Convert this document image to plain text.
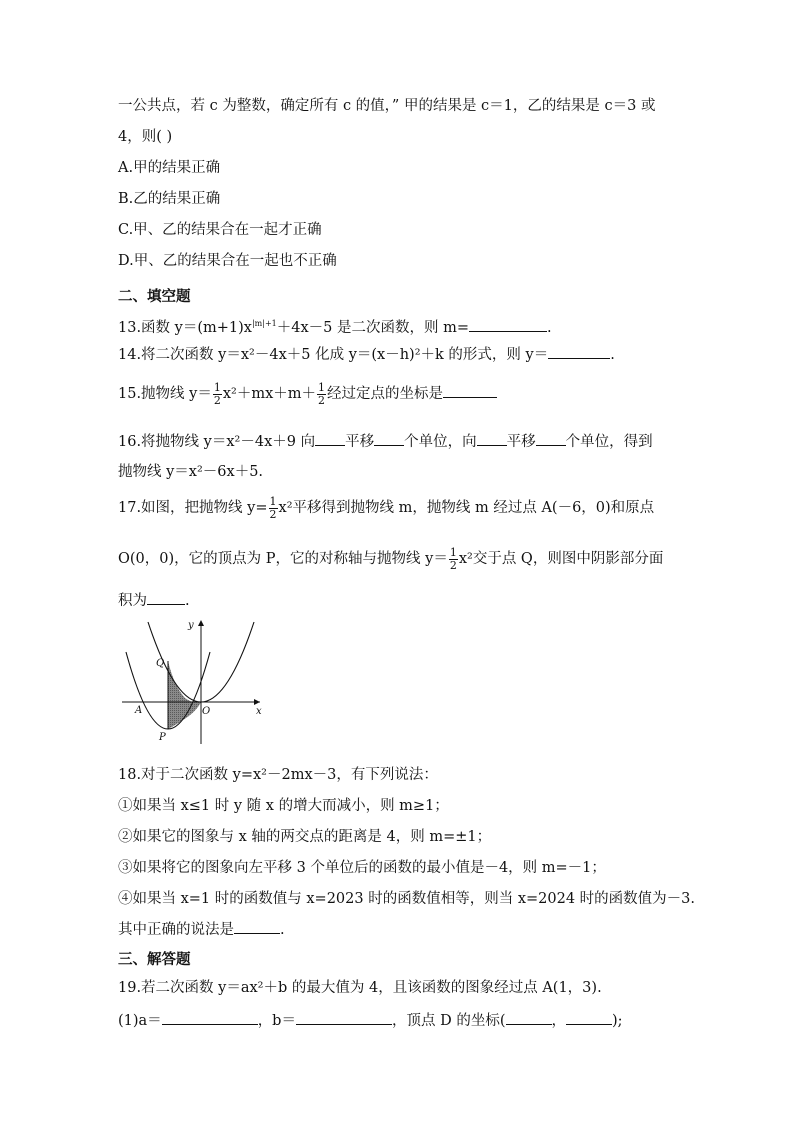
一公共点，若 c 为整数，确定所有 c 的值，” 甲的结果是 c＝1，乙的结果是 c＝3 或
4，则( )
A.甲的结果正确
B.乙的结果正确
C.甲、乙的结果合在一起才正确
D.甲、乙的结果合在一起也不正确
二、填空题
13.函数 $y=(m+1)x^{|m|+1}+4x-5$ 是二次函数，则 m=	.
14.将二次函数 y＝x²－4x＋5 化成 y＝(x－h)²＋k 的形式，则 y＝	.
15.抛物线 $y= \frac{1}{2} x^2+mx+m+ \frac{1}{2}$ 经过定点的坐标是
16.将抛物线 y＝x²－4x＋9 向 平移 个单位，向 平移 个单位，得到
抛物线 y＝x²－6x＋5.
17.如图，把抛物线 $y= \frac{1}{2} x^2$平移得到抛物线 m，抛物线 m 经过点 A(－6，0)和原点
O(0，0)，它的顶点为 P，它的对称轴与抛物线 $y= \frac{1}{2} x^2$交于点 Q，则图中阴影部分面
积为	.
y
x
Q
A	O
P
18.对于二次函数 y=x²－2mx－3，有下列说法：
①如果当 x≤1 时 y 随 x 的增大而减小，则 m≥1；
②如果它的图象与 x 轴的两交点的距离是 4，则 m=±1；
③如果将它的图象向左平移 3 个单位后的函数的最小值是－4，则 m=－1；
④如果当 x=1 时的函数值与 x=2023 时的函数值相等，则当 x=2024 时的函数值为－3.
其中正确的说法是	.
三、解答题
19.若二次函数 y＝ax²＋b 的最大值为 4，且该函数的图象经过点 A(1，3).
(1)a＝	，b＝	，顶点 D 的坐标(	，	);
